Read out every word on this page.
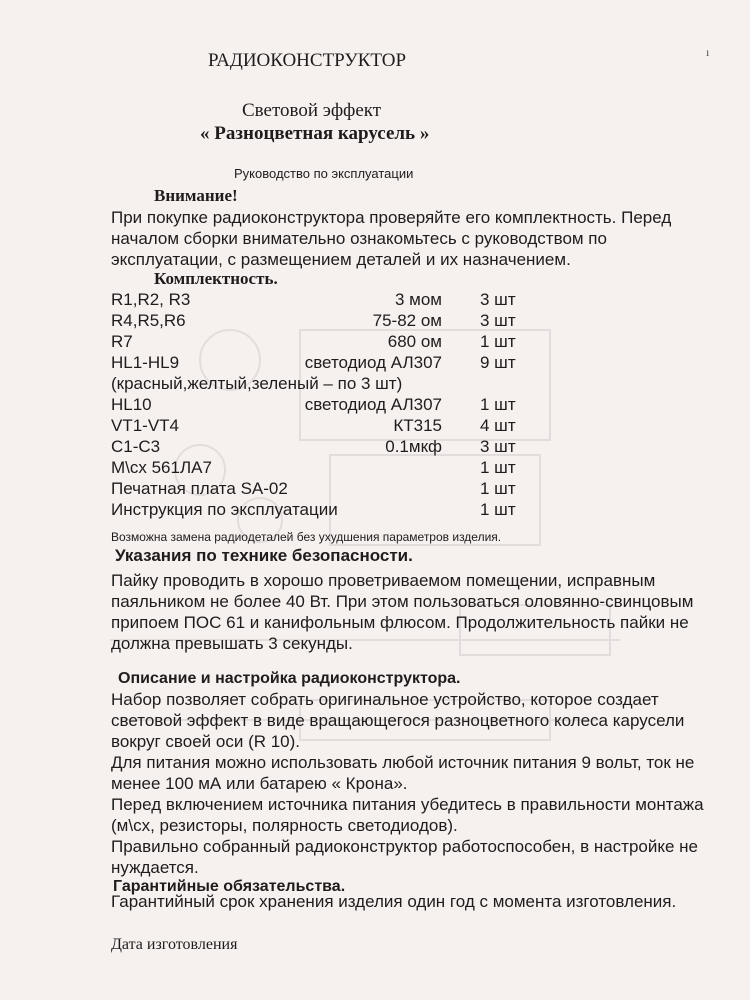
ı
РАДИОКОНСТРУКТОР
Световой эффект
« Разноцветная карусель »
Руководство по эксплуатации
Внимание!
При покупке радиоконструктора проверяйте его комплектность. Перед началом сборки внимательно ознакомьтесь с руководством по эксплуатации, с размещением деталей и их назначением.
Комплектность.
R1,R2, R3	3 мом 3 шт
R4,R5,R6	75-82 ом 3 шт
R7	680 ом 1 шт
HL1-HL9	светодиод АЛ307 9 шт
(красный,желтый,зеленый – по 3 шт)
HL10	светодиод АЛ307 1 шт
VT1-VT4	КТ315 4 шт
C1-C3	0.1мкф 3 шт
М\сх 561ЛА7	1 шт
Печатная плата SA-02	1 шт
Инструкция по эксплуатации	1 шт
Возможна замена радиодеталей без ухудшения параметров изделия.
Указания по технике безопасности.
Пайку проводить в хорошо проветриваемом помещении, исправным паяльником не более 40 Вт. При этом пользоваться оловянно-свинцовым припоем ПОС 61 и канифольным флюсом. Продолжительность пайки не должна превышать 3 секунды.
Описание и настройка радиоконструктора.
Набор позволяет собрать оригинальное устройство, которое создает световой эффект в виде вращающегося разноцветного колеса карусели вокруг своей оси (R 10).
Для питания можно использовать любой источник питания 9 вольт, ток не менее 100 мА или батарею « Крона».
Перед включением источника питания убедитесь в правильности монтажа (м\сх, резисторы, полярность светодиодов).
Правильно собранный радиоконструктор работоспособен, в настройке не нуждается.
Гарантийные обязательства.
Гарантийный срок хранения изделия один год с момента изготовления.
Дата изготовления
